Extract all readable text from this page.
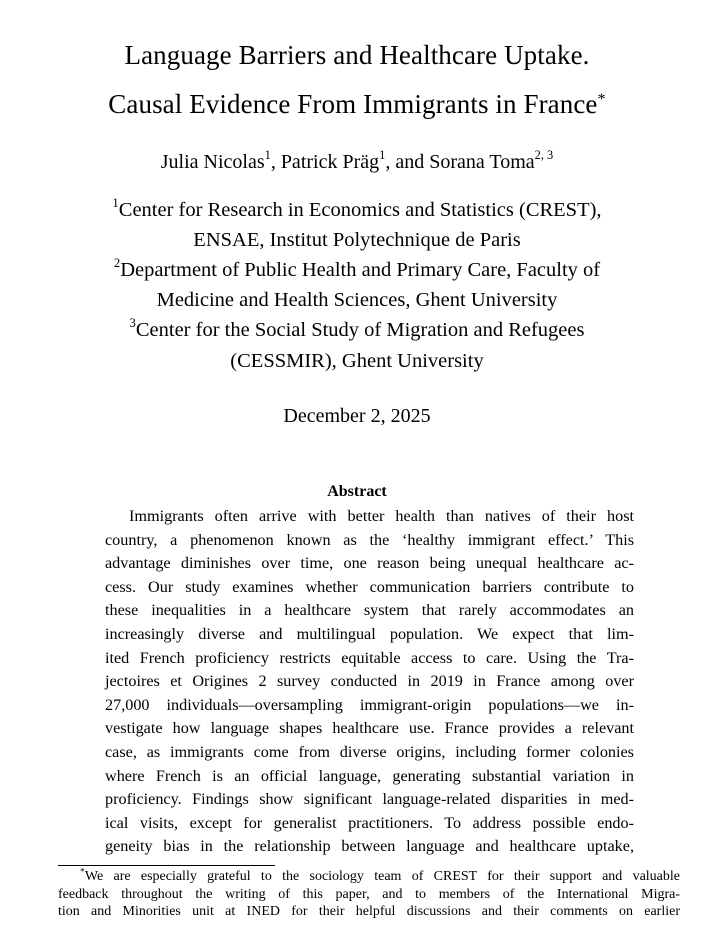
Language Barriers and Healthcare Uptake.
Causal Evidence From Immigrants in France*
Julia Nicolas$^1$, Patrick Präg$^1$, and Sorana Toma$^{2, 3}$
$^1$Center for Research in Economics and Statistics (CREST),
ENSAE, Institut Polytechnique de Paris
$^2$Department of Public Health and Primary Care, Faculty of
Medicine and Health Sciences, Ghent University
$^3$Center for the Social Study of Migration and Refugees
(CESSMIR), Ghent University
December 2, 2025
Abstract
Immigrants often arrive with better health than natives of their host
country, a phenomenon known as the ‘healthy immigrant effect.’ This
advantage diminishes over time, one reason being unequal healthcare ac-
cess. Our study examines whether communication barriers contribute to
these inequalities in a healthcare system that rarely accommodates an
increasingly diverse and multilingual population. We expect that lim-
ited French proficiency restricts equitable access to care. Using the Tra-
jectoires et Origines 2 survey conducted in 2019 in France among over
27,000 individuals—oversampling immigrant-origin populations—we in-
vestigate how language shapes healthcare use. France provides a relevant
case, as immigrants come from diverse origins, including former colonies
where French is an official language, generating substantial variation in
proficiency. Findings show significant language-related disparities in med-
ical visits, except for generalist practitioners. To address possible endo-
geneity bias in the relationship between language and healthcare uptake,
*We are especially grateful to the sociology team of CREST for their support and valuable
feedback throughout the writing of this paper, and to members of the International Migra-
tion and Minorities unit at INED for their helpful discussions and their comments on earlier
